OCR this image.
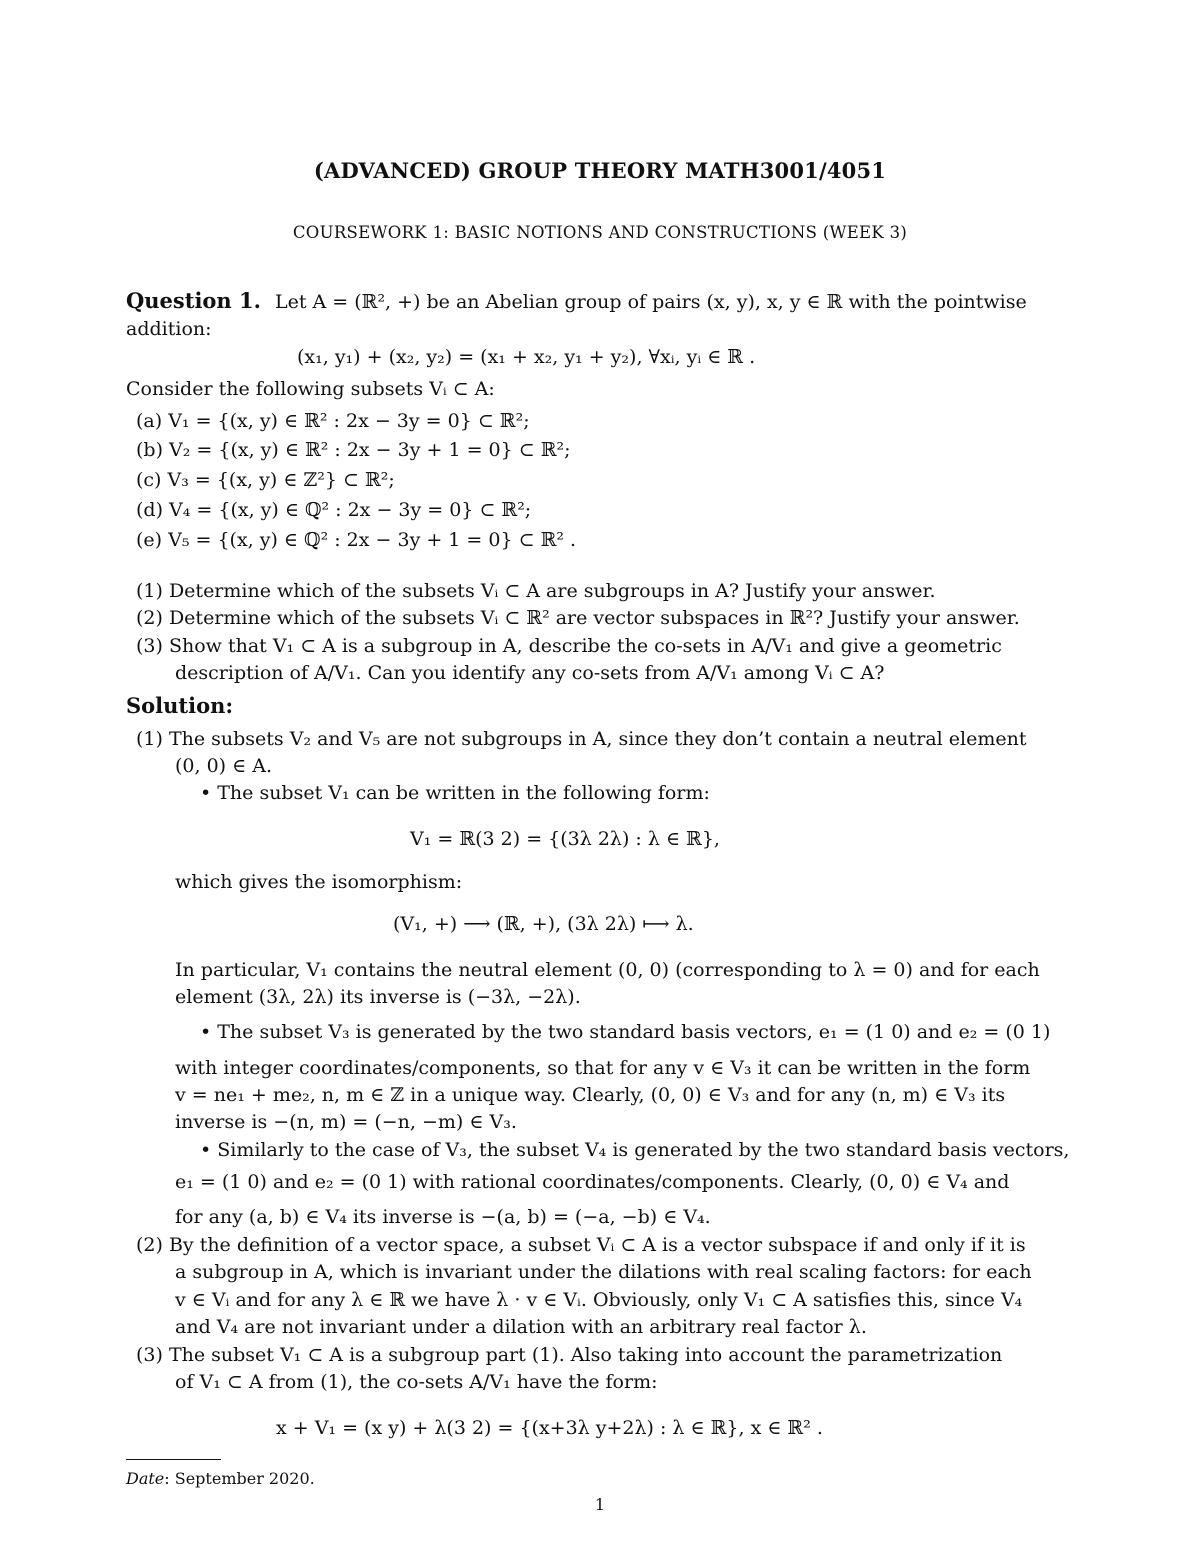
(ADVANCED) GROUP THEORY MATH3001/4051
COURSEWORK 1: BASIC NOTIONS AND CONSTRUCTIONS (WEEK 3)
Question 1. Let A = (ℝ², +) be an Abelian group of pairs (x, y), x, y ∈ ℝ with the pointwise
addition:
(x₁, y₁) + (x₂, y₂) = (x₁ + x₂, y₁ + y₂), ∀xᵢ, yᵢ ∈ ℝ .
Consider the following subsets Vᵢ ⊂ A:
(a) V₁ = {(x, y) ∈ ℝ² : 2x − 3y = 0} ⊂ ℝ²;
(b) V₂ = {(x, y) ∈ ℝ² : 2x − 3y + 1 = 0} ⊂ ℝ²;
(c) V₃ = {(x, y) ∈ ℤ²} ⊂ ℝ²;
(d) V₄ = {(x, y) ∈ ℚ² : 2x − 3y = 0} ⊂ ℝ²;
(e) V₅ = {(x, y) ∈ ℚ² : 2x − 3y + 1 = 0} ⊂ ℝ² .
(1) Determine which of the subsets Vᵢ ⊂ A are subgroups in A? Justify your answer.
(2) Determine which of the subsets Vᵢ ⊂ ℝ² are vector subspaces in ℝ²? Justify your answer.
(3) Show that V₁ ⊂ A is a subgroup in A, describe the co-sets in A/V₁ and give a geometric
description of A/V₁. Can you identify any co-sets from A/V₁ among Vᵢ ⊂ A?
Solution:
(1) The subsets V₂ and V₅ are not subgroups in A, since they don’t contain a neutral element
(0, 0) ∈ A.
• The subset V₁ can be written in the following form:
V₁ = ℝ(3 2) = {(3λ 2λ) : λ ∈ ℝ},
which gives the isomorphism:
(V₁, +) ⟶ (ℝ, +), (3λ 2λ) ⟼ λ.
In particular, V₁ contains the neutral element (0, 0) (corresponding to λ = 0) and for each
element (3λ, 2λ) its inverse is (−3λ, −2λ).
• The subset V₃ is generated by the two standard basis vectors, e₁ = (1 0) and e₂ = (0 1)
with integer coordinates/components, so that for any v ∈ V₃ it can be written in the form
v = ne₁ + me₂, n, m ∈ ℤ in a unique way. Clearly, (0, 0) ∈ V₃ and for any (n, m) ∈ V₃ its
inverse is −(n, m) = (−n, −m) ∈ V₃.
• Similarly to the case of V₃, the subset V₄ is generated by the two standard basis vectors,
e₁ = (1 0) and e₂ = (0 1) with rational coordinates/components. Clearly, (0, 0) ∈ V₄ and
for any (a, b) ∈ V₄ its inverse is −(a, b) = (−a, −b) ∈ V₄.
(2) By the definition of a vector space, a subset Vᵢ ⊂ A is a vector subspace if and only if it is
a subgroup in A, which is invariant under the dilations with real scaling factors: for each
v ∈ Vᵢ and for any λ ∈ ℝ we have λ · v ∈ Vᵢ. Obviously, only V₁ ⊂ A satisfies this, since V₄
and V₄ are not invariant under a dilation with an arbitrary real factor λ.
(3) The subset V₁ ⊂ A is a subgroup part (1). Also taking into account the parametrization
of V₁ ⊂ A from (1), the co-sets A/V₁ have the form:
x + V₁ = (x y) + λ(3 2) = {(x+3λ y+2λ) : λ ∈ ℝ}, x ∈ ℝ² .
Date: September 2020.
1
